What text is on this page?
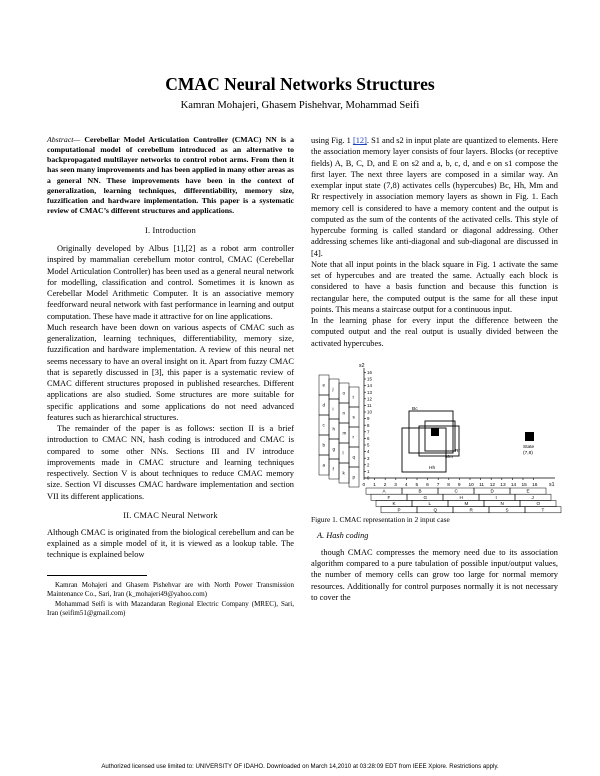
CMAC Neural Networks Structures
Kamran Mohajeri, Ghasem Pishehvar, Mohammad Seifi

Abstract— Cerebellar Model Articulation Controller (CMAC) NN is a computational model of cerebellum introduced as an alternative to backpropagated multilayer networks to control robot arms. From then it has seen many improvements and has been applied in many other areas as a general NN. These improvements have been in the context of generalization, learning techniques, differentiability, memory size, fuzzification and hardware implementation. This paper is a systematic review of CMAC’s different structures and applications.

I. Introduction

Originally developed by Albus [1],[2] as a robot arm controller inspired by mammalian cerebellum motor control, CMAC (Cerebellar Model Articulation Controller) has been used as a general neural network for modelling, classification and control. Sometimes it is known as Cerebellar Model Arithmetic Computer. It is an associative memory feedforward neural network with fast performance in learning and output computation. These have made it attractive for on line applications.

Much research have been down on various aspects of CMAC such as generalization, learning techniques, differentiability, memory size, fuzzification and hardware implementation. A review of this neural net seems necessary to have an overal insight on it. Apart from fuzzy CMAC that is separetly discussed in [3], this paper is a systematic review of CMAC different structures proposed in published researches. Different applications are also studied. Some structures are more suitable for specific applications and some applications do not need advanced features such as hierarchical structures.

The remainder of the paper is as follows: section II is a brief introduction to CMAC NN, hash coding is introduced and CMAC is compared to some other NNs. Sections III and IV introduce improvements made in CMAC structure and learning techniques respectively. Section V is about techniques to reduce CMAC memory size. Section VI discusses CMAC hardware implementation and section VII its different applications.

II. CMAC Neural Network

Although CMAC is originated from the biological cerebellum and can be explained as a simple model of it, it is viewed as a lookup table. The technique is explained below

Kamran Mohajeri and Ghasem Pishehvar are with North Power Transmission Maintenance Co., Sari, Iran (k_mohajeri49@yahoo.com)

Mohammad Seifi is with Mazandaran Regional Electric Company (MREC), Sari, Iran (seifim51@gmail.com)

using Fig. 1 [12]. S1 and s2 in input plate are quantized to elements. Here the association memory layer consists of four layers. Blocks (or receptive fields) A, B, C, D, and E on s2 and a, b, c, d, and e on s1 compose the first layer. The next three layers are composed in a similar way. An exemplar input state (7,8) activates cells (hypercubes) Bc, Hh, Mm and Rr respectively in association memory layers as shown in Fig. 1. Each memory cell is considered to have a memory content and the output is computed as the sum of the contents of the activated cells. This style of hypercube forming is called standard or diagonal addressing. Other addressing schemes like anti-diagonal and sub-diagonal are discussed in [4].

Note that all input points in the black square in Fig. 1 activate the same set of hypercubes and are treated the same. Actually each block is considered to have a basis function and because this function is rectangular here, the computed output is the same for all these input points. This means a staircase output for a continuous input.

In the learning phase for every input the difference between the computed output and the real output is usually divided between the activated hypercubes.

s2
s1
Bc
Rr
Mm
Hh
State
(7,8)
0 1 2 3 4 5 6 7 8 9 10 11 12 13 14 15 16
0
1
2
3
4
5
6
7
8
9
10
11
12
13
14
15
16
A	B	C	D	E
F	G	H	I	J
K	L	M	N	O
P	Q	R	S	T
e
d
c
b
a
j
i
h
g
f
o
n
m
l
k
t
s
r
q
p
Figure 1. CMAC representation in 2 input case
A. Hash coding

though CMAC compresses the memory need due to its association algorithm compared to a pure tabulation of possible input/output values, the number of memory cells can grow too large for normal memory resources. Additionally for control purposes normally it is not necessary to cover the

Authorized licensed use limited to: UNIVERSITY OF IDAHO. Downloaded on March 14,2010 at 03:28:09 EDT from IEEE Xplore. Restrictions apply.
